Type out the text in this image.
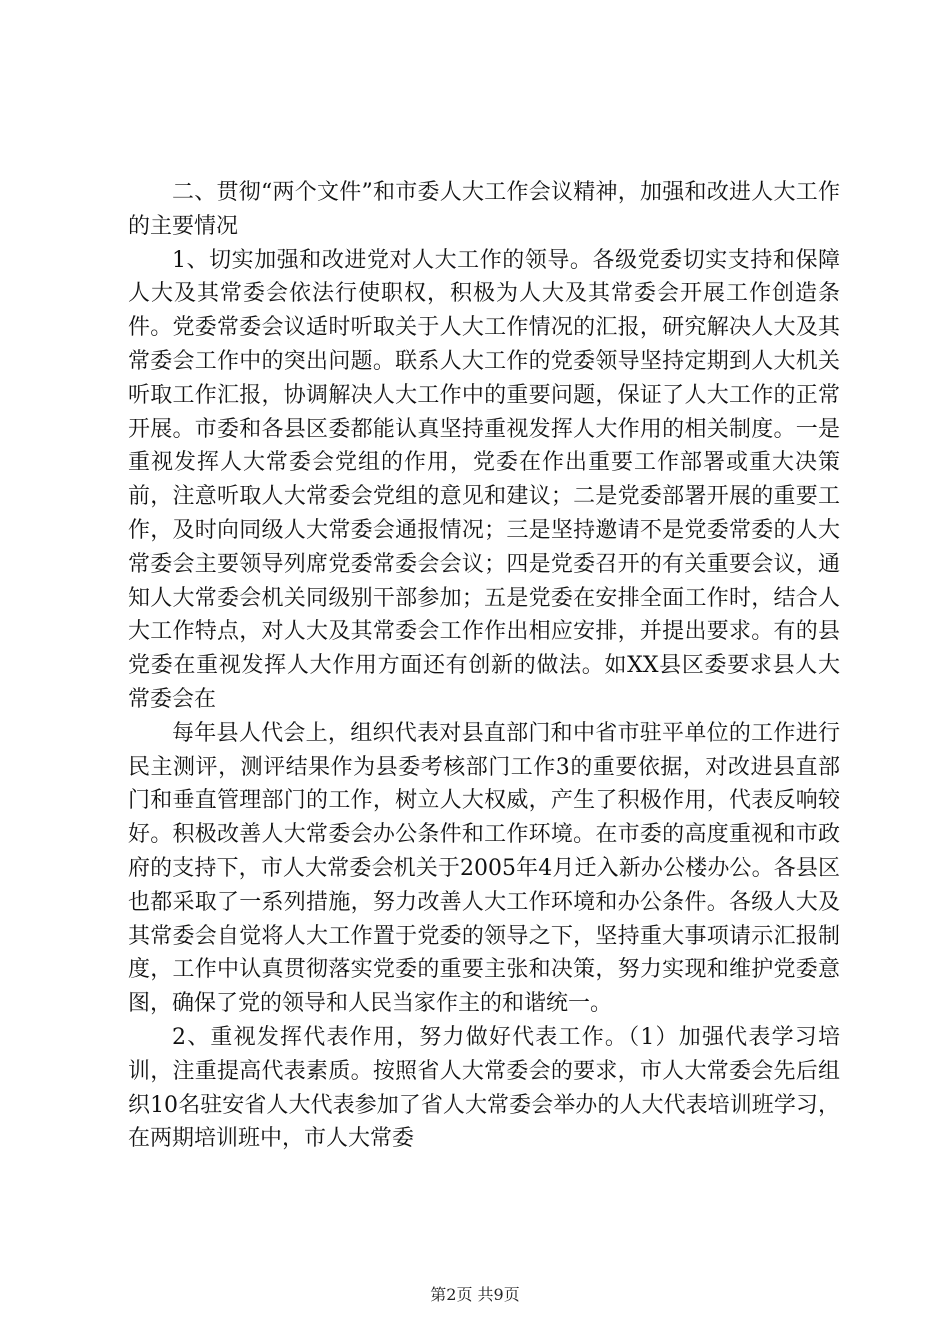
二、贯彻“两个文件”和市委人大工作会议精神，加强和改进人大工作的主要情况

1、切实加强和改进党对人大工作的领导。各级党委切实支持和保障人大及其常委会依法行使职权，积极为人大及其常委会开展工作创造条件。党委常委会议适时听取关于人大工作情况的汇报，研究解决人大及其常委会工作中的突出问题。联系人大工作的党委领导坚持定期到人大机关听取工作汇报，协调解决人大工作中的重要问题，保证了人大工作的正常开展。市委和各县区委都能认真坚持重视发挥人大作用的相关制度。一是重视发挥人大常委会党组的作用，党委在作出重要工作部署或重大决策前，注意听取人大常委会党组的意见和建议；二是党委部署开展的重要工作，及时向同级人大常委会通报情况；三是坚持邀请不是党委常委的人大常委会主要领导列席党委常委会会议；四是党委召开的有关重要会议，通知人大常委会机关同级别干部参加；五是党委在安排全面工作时，结合人大工作特点，对人大及其常委会工作作出相应安排，并提出要求。有的县党委在重视发挥人大作用方面还有创新的做法。如XX县区委要求县人大常委会在

每年县人代会上，组织代表对县直部门和中省市驻平单位的工作进行民主测评，测评结果作为县委考核部门工作3的重要依据，对改进县直部门和垂直管理部门的工作，树立人大权威，产生了积极作用，代表反响较好。积极改善人大常委会办公条件和工作环境。在市委的高度重视和市政府的支持下，市人大常委会机关于2005年4月迁入新办公楼办公。各县区也都采取了一系列措施，努力改善人大工作环境和办公条件。各级人大及其常委会自觉将人大工作置于党委的领导之下，坚持重大事项请示汇报制度，工作中认真贯彻落实党委的重要主张和决策，努力实现和维护党委意图，确保了党的领导和人民当家作主的和谐统一。

2、重视发挥代表作用，努力做好代表工作。（1）加强代表学习培训，注重提高代表素质。按照省人大常委会的要求，市人大常委会先后组织10名驻安省人大代表参加了省人大常委会举办的人大代表培训班学习，在两期培训班中，市人大常委

第2页 共9页
